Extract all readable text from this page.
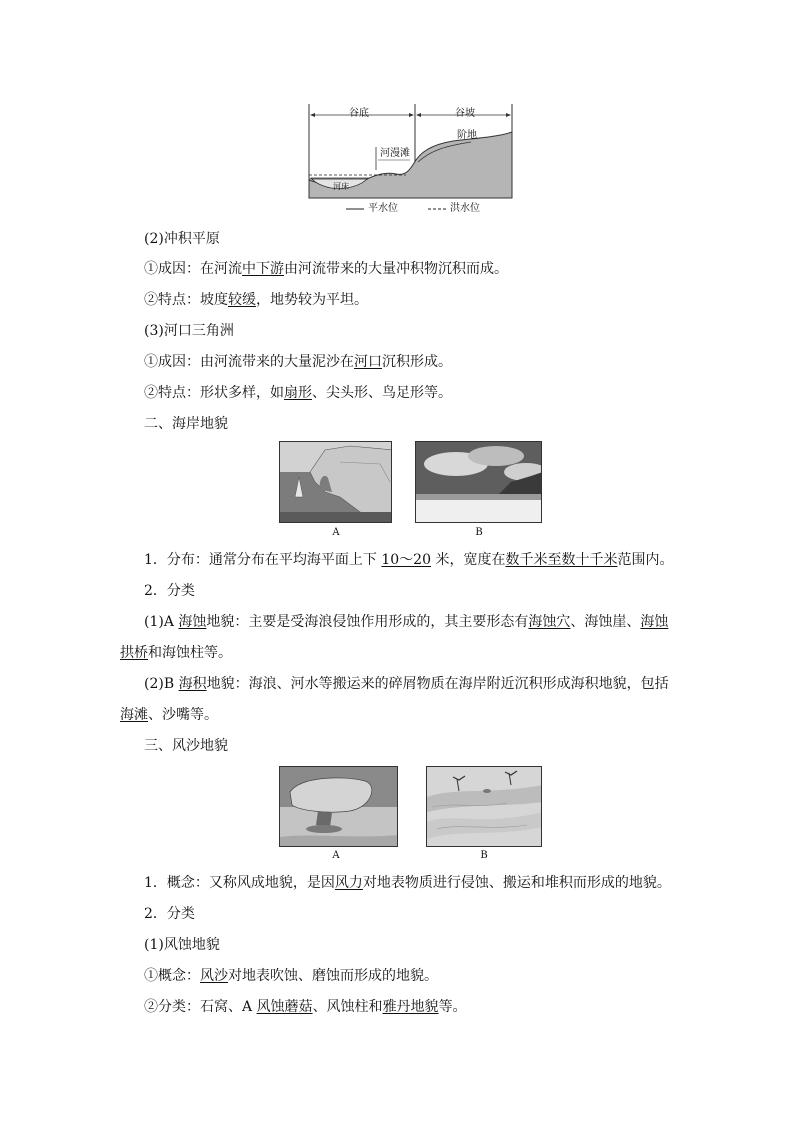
谷底	谷坡
阶地
河漫滩
河床
平水位	洪水位
(2)冲积平原
①成因：在河流中下游由河流带来的大量冲积物沉积而成。
②特点：坡度较缓，地势较为平坦。
(3)河口三角洲
①成因：由河流带来的大量泥沙在河口沉积形成。
②特点：形状多样，如扇形、尖头形、鸟足形等。
二、海岸地貌
A	B
1．分布：通常分布在平均海平面上下 10～20 米，宽度在数千米至数十千米范围内。
2．分类
(1)A 海蚀地貌：主要是受海浪侵蚀作用形成的，其主要形态有海蚀穴、海蚀崖、海蚀
拱桥和海蚀柱等。
(2)B 海积地貌：海浪、河水等搬运来的碎屑物质在海岸附近沉积形成海积地貌，包括
海滩、沙嘴等。
三、风沙地貌
A	B
1．概念：又称风成地貌，是因风力对地表物质进行侵蚀、搬运和堆积而形成的地貌。
2．分类
(1)风蚀地貌
①概念：风沙对地表吹蚀、磨蚀而形成的地貌。
②分类：石窝、A 风蚀蘑菇、风蚀柱和雅丹地貌等。
